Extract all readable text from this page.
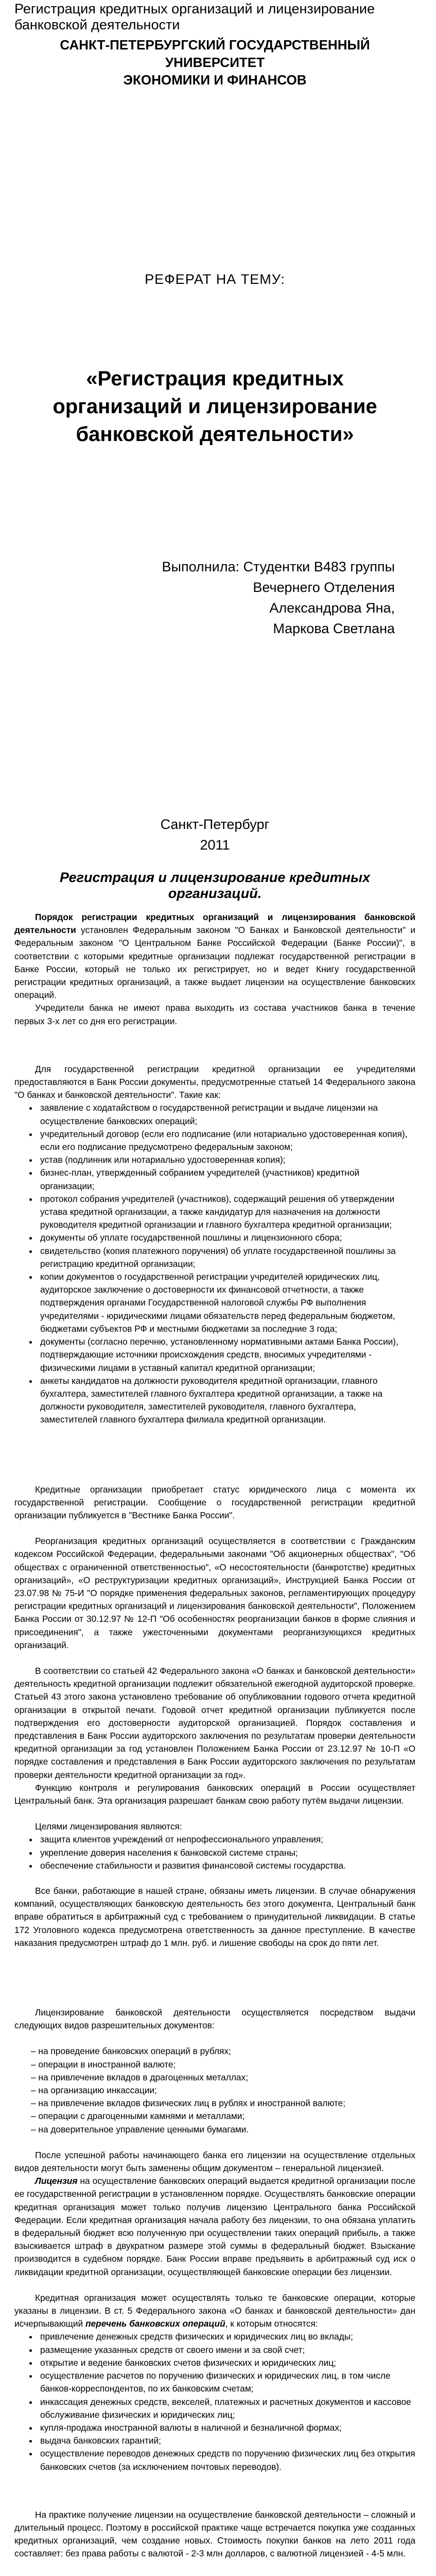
Регистрация кредитных организаций и лицензирование банковской деятельности
САНКТ-ПЕТЕРБУРГСКИЙ ГОСУДАРСТВЕННЫЙ УНИВЕРСИТЕТ
ЭКОНОМИКИ И ФИНАНСОВ
РЕФЕРАТ НА ТЕМУ:
«Регистрация кредитных организаций и лицензирование банковской деятельности»
Выполнила: Студентки В483 группы
Вечернего Отделения
Александрова Яна,
Маркова Светлана
Санкт-Петербург
2011
Регистрация и лицензирование кредитных организаций.

Порядок регистрации кредитных организаций и лицензирования банковской деятельности установлен Федеральным законом "О Банках и Банковской деятельности" и Федеральным законом "О Центральном Банке Российской Федерации (Банке России)", в соответствии с которыми кредитные организации подлежат государственной регистрации в Банке России, который не только их регистрирует, но и ведет Книгу государственной регистрации кредитных организаций, а также выдает лицензии на осуществление банковских операций.

Учредители банка не имеют права выходить из состава участников банка в течение первых 3-х лет со дня его регистрации.

Для государственной регистрации кредитной организации ее учредителями предоставляются в Банк России документы, предусмотренные статьей 14 Федерального закона "О банках и банковской деятельности". Такие как:

• заявление с ходатайством о государственной регистрации и выдаче лицензии на осуществление банковских операций;
• учредительный договор (если его подписание (или нотариально удостоверенная копия), если его подписание предусмотрено федеральным законом;
• устав (подлинник или нотариально удостоверенная копия);
• бизнес-план, утвержденный собранием учредителей (участников) кредитной организации;
• протокол собрания учредителей (участников), содержащий решения об утверждении устава кредитной организации, а также кандидатур для назначения на должности руководителя кредитной организации и главного бухгалтера кредитной организации;
• документы об уплате государственной пошлины и лицензионного сбора;
• свидетельство (копия платежного поручения) об уплате государственной пошлины за регистрацию кредитной организации;
• копии документов о государственной регистрации учредителей юридических лиц, аудиторское заключение о достоверности их финансовой отчетности, а также подтверждения органами Государственной налоговой службы РФ выполнения учредителями - юридическими лицами обязательств перед федеральным бюджетом, бюджетами субъектов РФ и местными бюджетами за последние 3 года;
• документы (согласно перечню, установленному нормативными актами Банка России), подтверждающие источники происхождения средств, вносимых учредителями - физическими лицами в уставный капитал кредитной организации;
• анкеты кандидатов на должности руководителя кредитной организации, главного бухгалтера, заместителей главного бухгалтера кредитной организации, а также на должности руководителя, заместителей руководителя, главного бухгалтера, заместителей главного бухгалтера филиала кредитной организации.

Кредитные организации приобретает статус юридического лица с момента их государственной регистрации. Сообщение о государственной регистрации кредитной организации публикуется в "Вестнике Банка России".

Реорганизация кредитных организаций осуществляется в соответствии с Гражданским кодексом Российской Федерации, федеральными законами "Об акционерных обществах", "Об обществах с ограниченной ответственностью", «О несостоятельности (банкротстве) кредитных организаций», «О реструктуризации кредитных организаций», Инструкцией Банка России от 23.07.98 № 75-И "О порядке применения федеральных законов, регламентирующих процедуру регистрации кредитных организаций и лицензирования банковской деятельности", Положением Банка России от 30.12.97 № 12-П "Об особенностях реорганизации банков в форме слияния и присоединения", а также ужесточенными документами реорганизующихся кредитных организаций.

В соответствии со статьей 42 Федерального закона «О банках и банковской деятельности» деятельность кредитной организации подлежит обязательной ежегодной аудиторской проверке. Статьей 43 этого закона установлено требование об опубликовании годового отчета кредитной организации в открытой печати. Годовой отчет кредитной организации публикуется после подтверждения его достоверности аудиторской организацией. Порядок составления и представления в Банк России аудиторского заключения по результатам проверки деятельности кредитной организации за год установлен Положением Банка России от 23.12.97 № 10-П «О порядке составления и представления в Банк России аудиторского заключения по результатам проверки деятельности кредитной организации за год».

Функцию контроля и регулирования банковских операций в России осуществляет Центральный банк. Эта организация разрешает банкам свою работу путём выдачи лицензии.

Целями лицензирования являются:

• защита клиентов учреждений от непрофессионального управления;
• укрепление доверия населения к банковской системе страны;
• обеспечение стабильности и развития финансовой системы государства.

Все банки, работающие в нашей стране, обязаны иметь лицензии. В случае обнаружения компаний, осуществляющих банковскую деятельность без этого документа, Центральный банк вправе обратиться в арбитражный суд с требованием о принудительной ликвидации. В статье 172 Уголовного кодекса предусмотрена ответственность за данное преступление. В качестве наказания предусмотрен штраф до 1 млн. руб. и лишение свободы на срок до пяти лет.

Лицензирование банковской деятельности осуществляется посредством выдачи следующих видов разрешительных документов:

– на проведение банковских операций в рублях;
– операции в иностранной валюте;
– на привлечение вкладов в драгоценных металлах;
– на организацию инкассации;
– на привлечение вкладов физических лиц в рублях и иностранной валюте;
– операции с драгоценными камнями и металлами;
– на доверительное управление ценными бумагами.

После успешной работы начинающего банка его лицензии на осуществление отдельных видов деятельности могут быть заменены общим документом – генеральной лицензией.

Лицензия на осуществление банковских операций выдается кредитной организации после ее государственной регистрации в установленном порядке. Осуществлять банковские операции кредитная организация может только получив лицензию Центрального банка Российской Федерации. Если кредитная организация начала работу без лицензии, то она обязана уплатить в федеральный бюджет всю полученную при осуществлении таких операций прибыль, а также взыскивается штраф в двукратном размере этой суммы в федеральный бюджет. Взыскание производится в судебном порядке. Банк России вправе предъявить в арбитражный суд иск о ликвидации кредитной организации, осуществляющей банковские операции без лицензии.

Кредитная организация может осуществлять только те банковские операции, которые указаны в лицензии. В ст. 5 Федерального закона «О банках и банковской деятельности» дан исчерпывающий перечень банковских операций, к которым относятся:

• привлечение денежных средств физических и юридических лиц во вклады;
• размещение указанных средств от своего имени и за свой счет;
• открытие и ведение банковских счетов физических и юридических лиц;
• осуществление расчетов по поручению физических и юридических лиц, в том числе банков-корреспондентов, по их банковским счетам;
• инкассация денежных средств, векселей, платежных и расчетных документов и кассовое обслуживание физических и юридических лиц;
• купля-продажа иностранной валюты в наличной и безналичной формах;
• выдача банковских гарантий;
• осуществление переводов денежных средств по поручению физических лиц без открытия банковских счетов (за исключением почтовых переводов).

На практике получение лицензии на осуществление банковской деятельности – сложный и длительный процесс. Поэтому в российской практике чаще встречается покупка уже созданных кредитных организаций, чем создание новых. Стоимость покупки банков на лето 2011 года составляет: без права работы с валютой - 2-3 млн долларов, с валютной лицензией - 4-5 млн.
